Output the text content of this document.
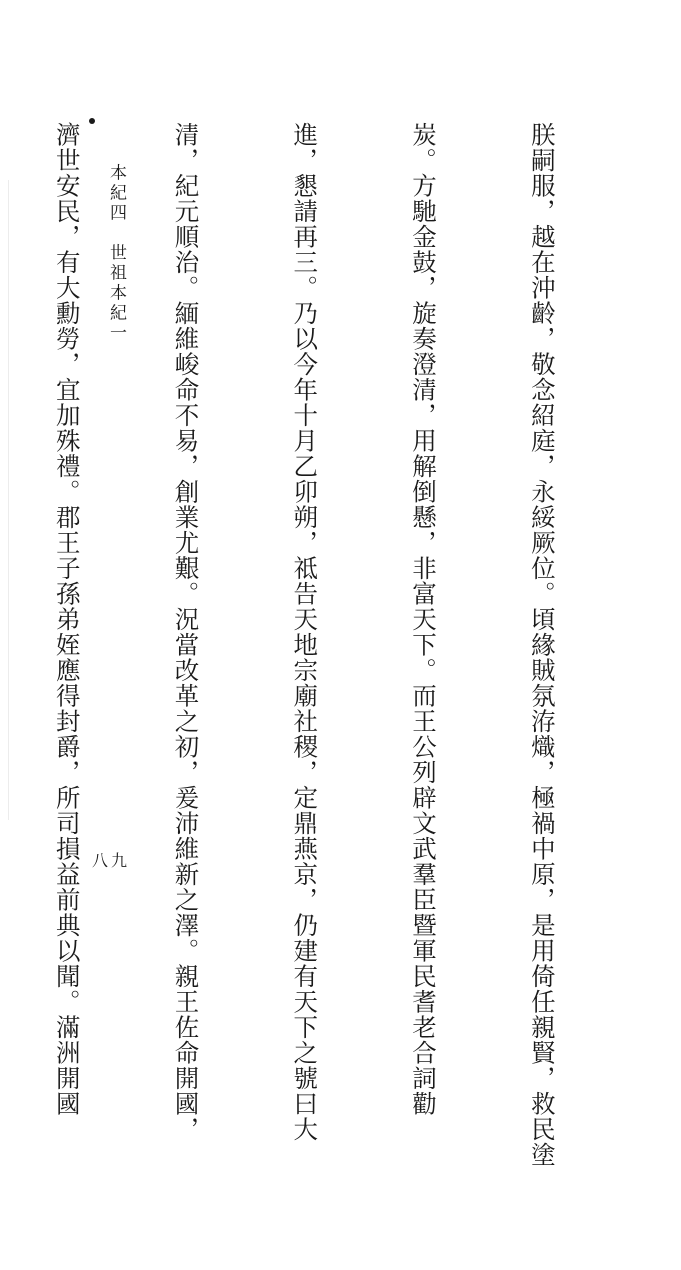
朕嗣服，越在沖齡，敬念紹庭，永綏厥位。頃緣賊氛洊熾，極禍中原，是用倚任親賢，救民塗

炭。方馳金鼓，旋奏澄清，用解倒懸，非富天下。而王公列辟文武羣臣暨軍民耆老合詞勸

進，懇請再三。乃以今年十月乙卯朔，祗告天地宗廟社稷，定鼎燕京，仍建有天下之號曰大

清，紀元順治。緬維峻命不易，創業尤艱。況當改革之初，爰沛維新之澤。親王佐命開國，

濟世安民，有大勳勞，宜加殊禮。郡王子孫弟姪應得封爵，所司損益前典以聞。滿洲開國

	本紀四　世祖本紀一

八九
